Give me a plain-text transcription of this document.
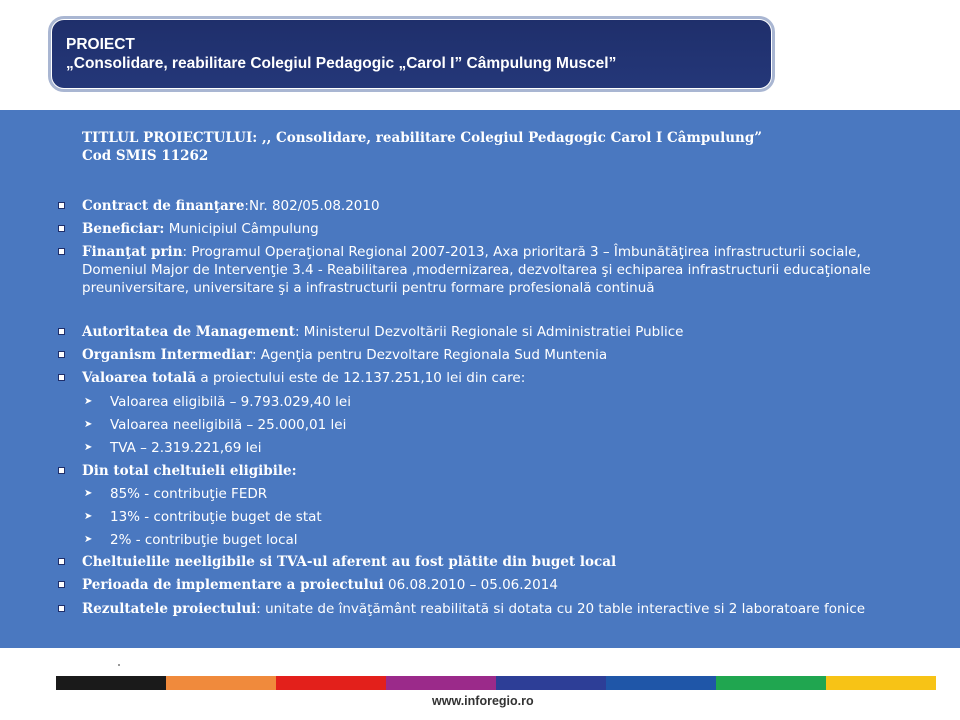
PROIECT
„Consolidare, reabilitare Colegiul Pedagogic „Carol I” Câmpulung Muscel”
TITLUL PROIECTULUI: ,, Consolidare, reabilitare Colegiul Pedagogic Carol I Câmpulung”
Cod SMIS 11262
Contract de finanţare:Nr. 802/05.08.2010
Beneficiar: Municipiul Câmpulung
Finanţat prin: Programul Operaţional Regional 2007-2013, Axa prioritară 3 – Îmbunătăţirea infrastructurii sociale, Domeniul Major de Intervenţie 3.4 - Reabilitarea ,modernizarea, dezvoltarea şi echiparea infrastructurii educaţionale preuniversitare, universitare şi a infrastructurii pentru formare profesională continuă
Autoritatea de Management: Ministerul Dezvoltării Regionale si Administratiei Publice
Organism Intermediar: Agenţia pentru Dezvoltare Regionala Sud Muntenia
Valoarea totală a proiectului este de 12.137.251,10 lei din care:
➤ Valoarea eligibilă – 9.793.029,40 lei
➤ Valoarea neeligibilă – 25.000,01 lei
➤ TVA – 2.319.221,69 lei
Din total cheltuieli eligibile:
➤ 85% - contribuţie FEDR
➤ 13% - contribuţie buget de stat
➤ 2% - contribuţie buget local
Cheltuielile neeligibile si TVA-ul aferent au fost plătite din buget local
Perioada de implementare a proiectului 06.08.2010 – 05.06.2014
Rezultatele proiectului: unitate de învăţământ reabilitată si dotata cu 20 table interactive si 2 laboratoare fonice
www.inforegio.ro
